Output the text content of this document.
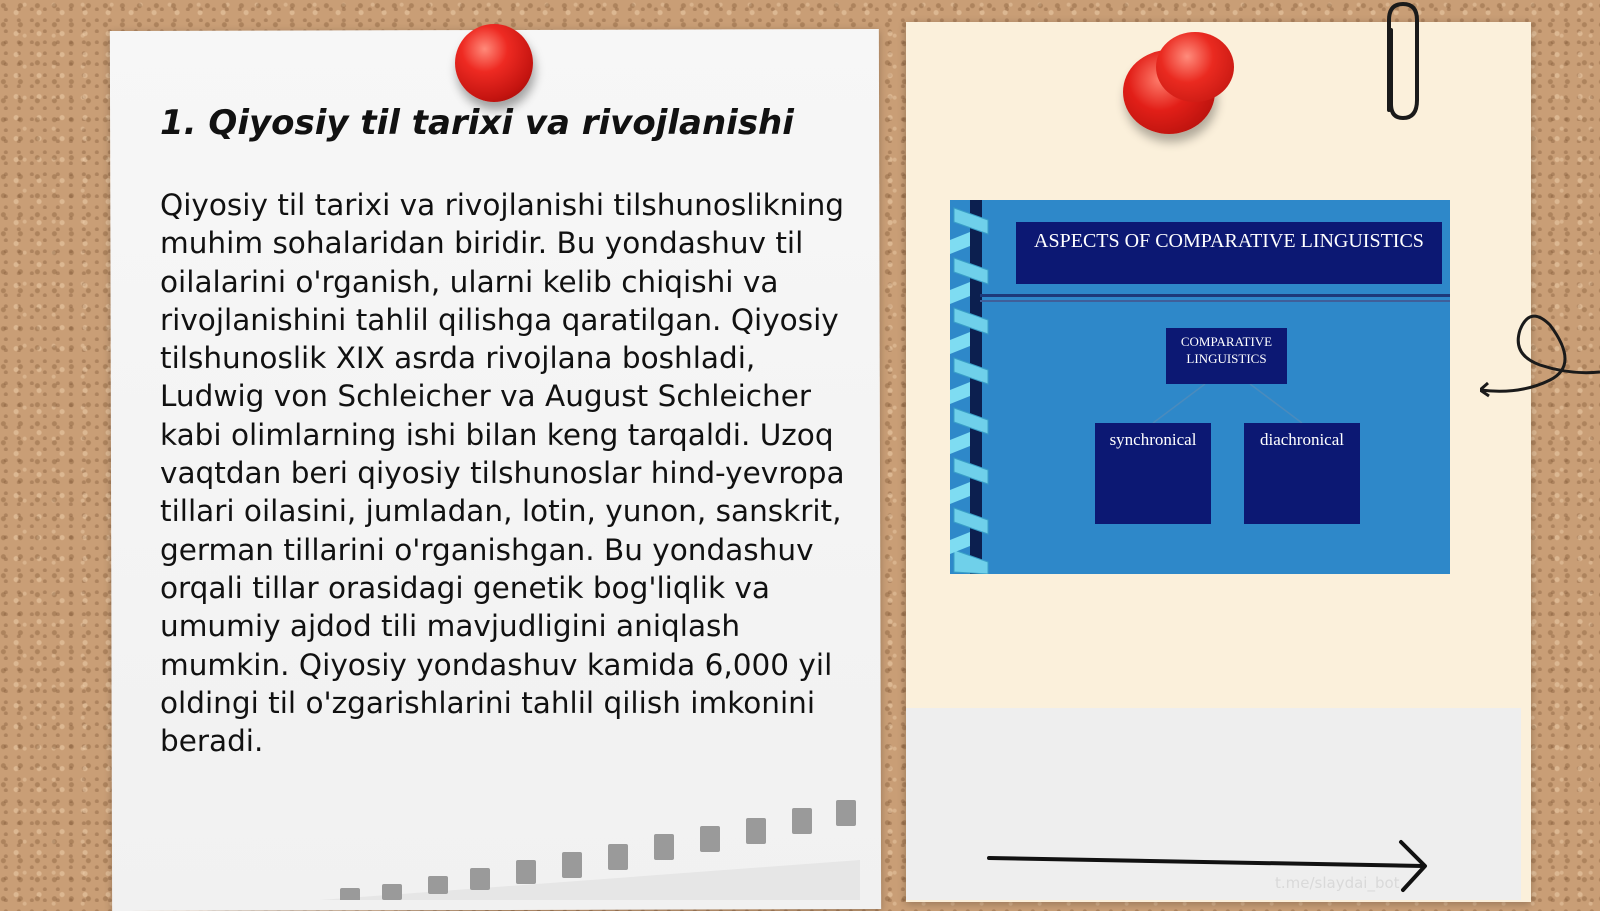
1. Qiyosiy til tarixi va rivojlanishi

Qiyosiy til tarixi va rivojlanishi tilshunoslikning muhim sohalaridan biridir. Bu yondashuv til oilalarini o'rganish, ularni kelib chiqishi va rivojlanishini tahlil qilishga qaratilgan. Qiyosiy tilshunoslik XIX asrda rivojlana boshladi, Ludwig von Schleicher va August Schleicher kabi olimlarning ishi bilan keng tarqaldi. Uzoq vaqtdan beri qiyosiy tilshunoslar hind-yevropa tillari oilasini, jumladan, lotin, yunon, sanskrit, german tillarini o'rganishgan. Bu yondashuv orqali tillar orasidagi genetik bog'liqlik va umumiy ajdod tili mavjudligini aniqlash mumkin. Qiyosiy yondashuv kamida 6,000 yil oldingi til o'zgarishlarini tahlil qilish imkonini beradi.

ASPECTS OF COMPARATIVE LINGUISTICS
COMPARATIVE LINGUISTICS
synchronical	diachronical
t.me/slaydai_bot
